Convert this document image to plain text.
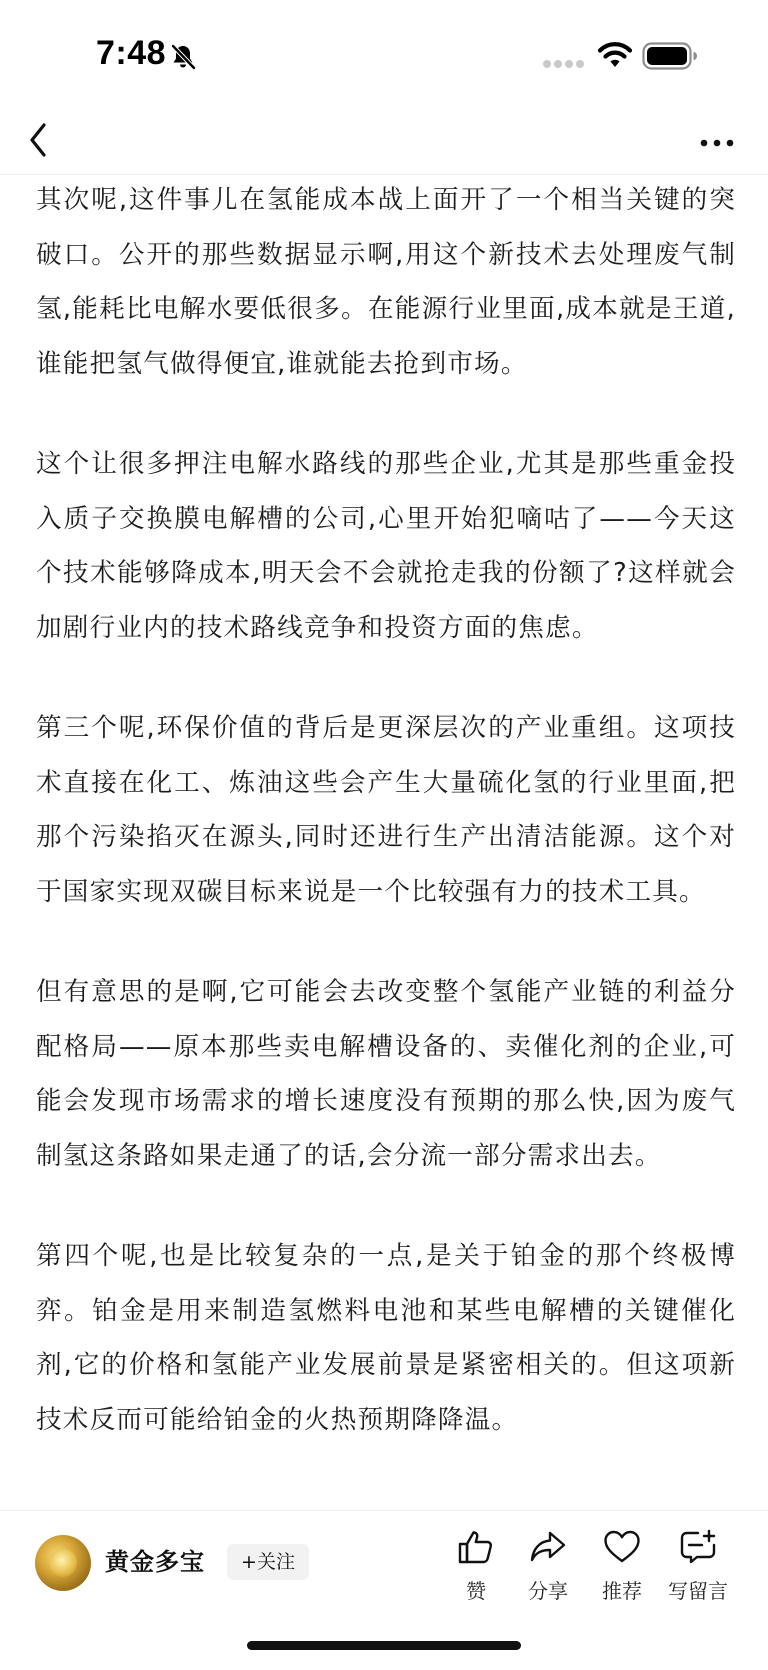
7:48

其次呢,这件事儿在氢能成本战上面开了一个相当关键的突破口。公开的那些数据显示啊,用这个新技术去处理废气制氢,能耗比电解水要低很多。在能源行业里面,成本就是王道,谁能把氢气做得便宜,谁就能去抢到市场。

这个让很多押注电解水路线的那些企业,尤其是那些重金投入质子交换膜电解槽的公司,心里开始犯嘀咕了——今天这个技术能够降成本,明天会不会就抢走我的份额了?这样就会加剧行业内的技术路线竞争和投资方面的焦虑。

第三个呢,环保价值的背后是更深层次的产业重组。这项技术直接在化工、炼油这些会产生大量硫化氢的行业里面,把那个污染掐灭在源头,同时还进行生产出清洁能源。这个对于国家实现双碳目标来说是一个比较强有力的技术工具。

但有意思的是啊,它可能会去改变整个氢能产业链的利益分配格局——原本那些卖电解槽设备的、卖催化剂的企业,可能会发现市场需求的增长速度没有预期的那么快,因为废气制氢这条路如果走通了的话,会分流一部分需求出去。

第四个呢,也是比较复杂的一点,是关于铂金的那个终极博弈。铂金是用来制造氢燃料电池和某些电解槽的关键催化剂,它的价格和氢能产业发展前景是紧密相关的。但这项新技术反而可能给铂金的火热预期降降温。

黄金多宝	+关注
赞	分享	推荐	写留言
